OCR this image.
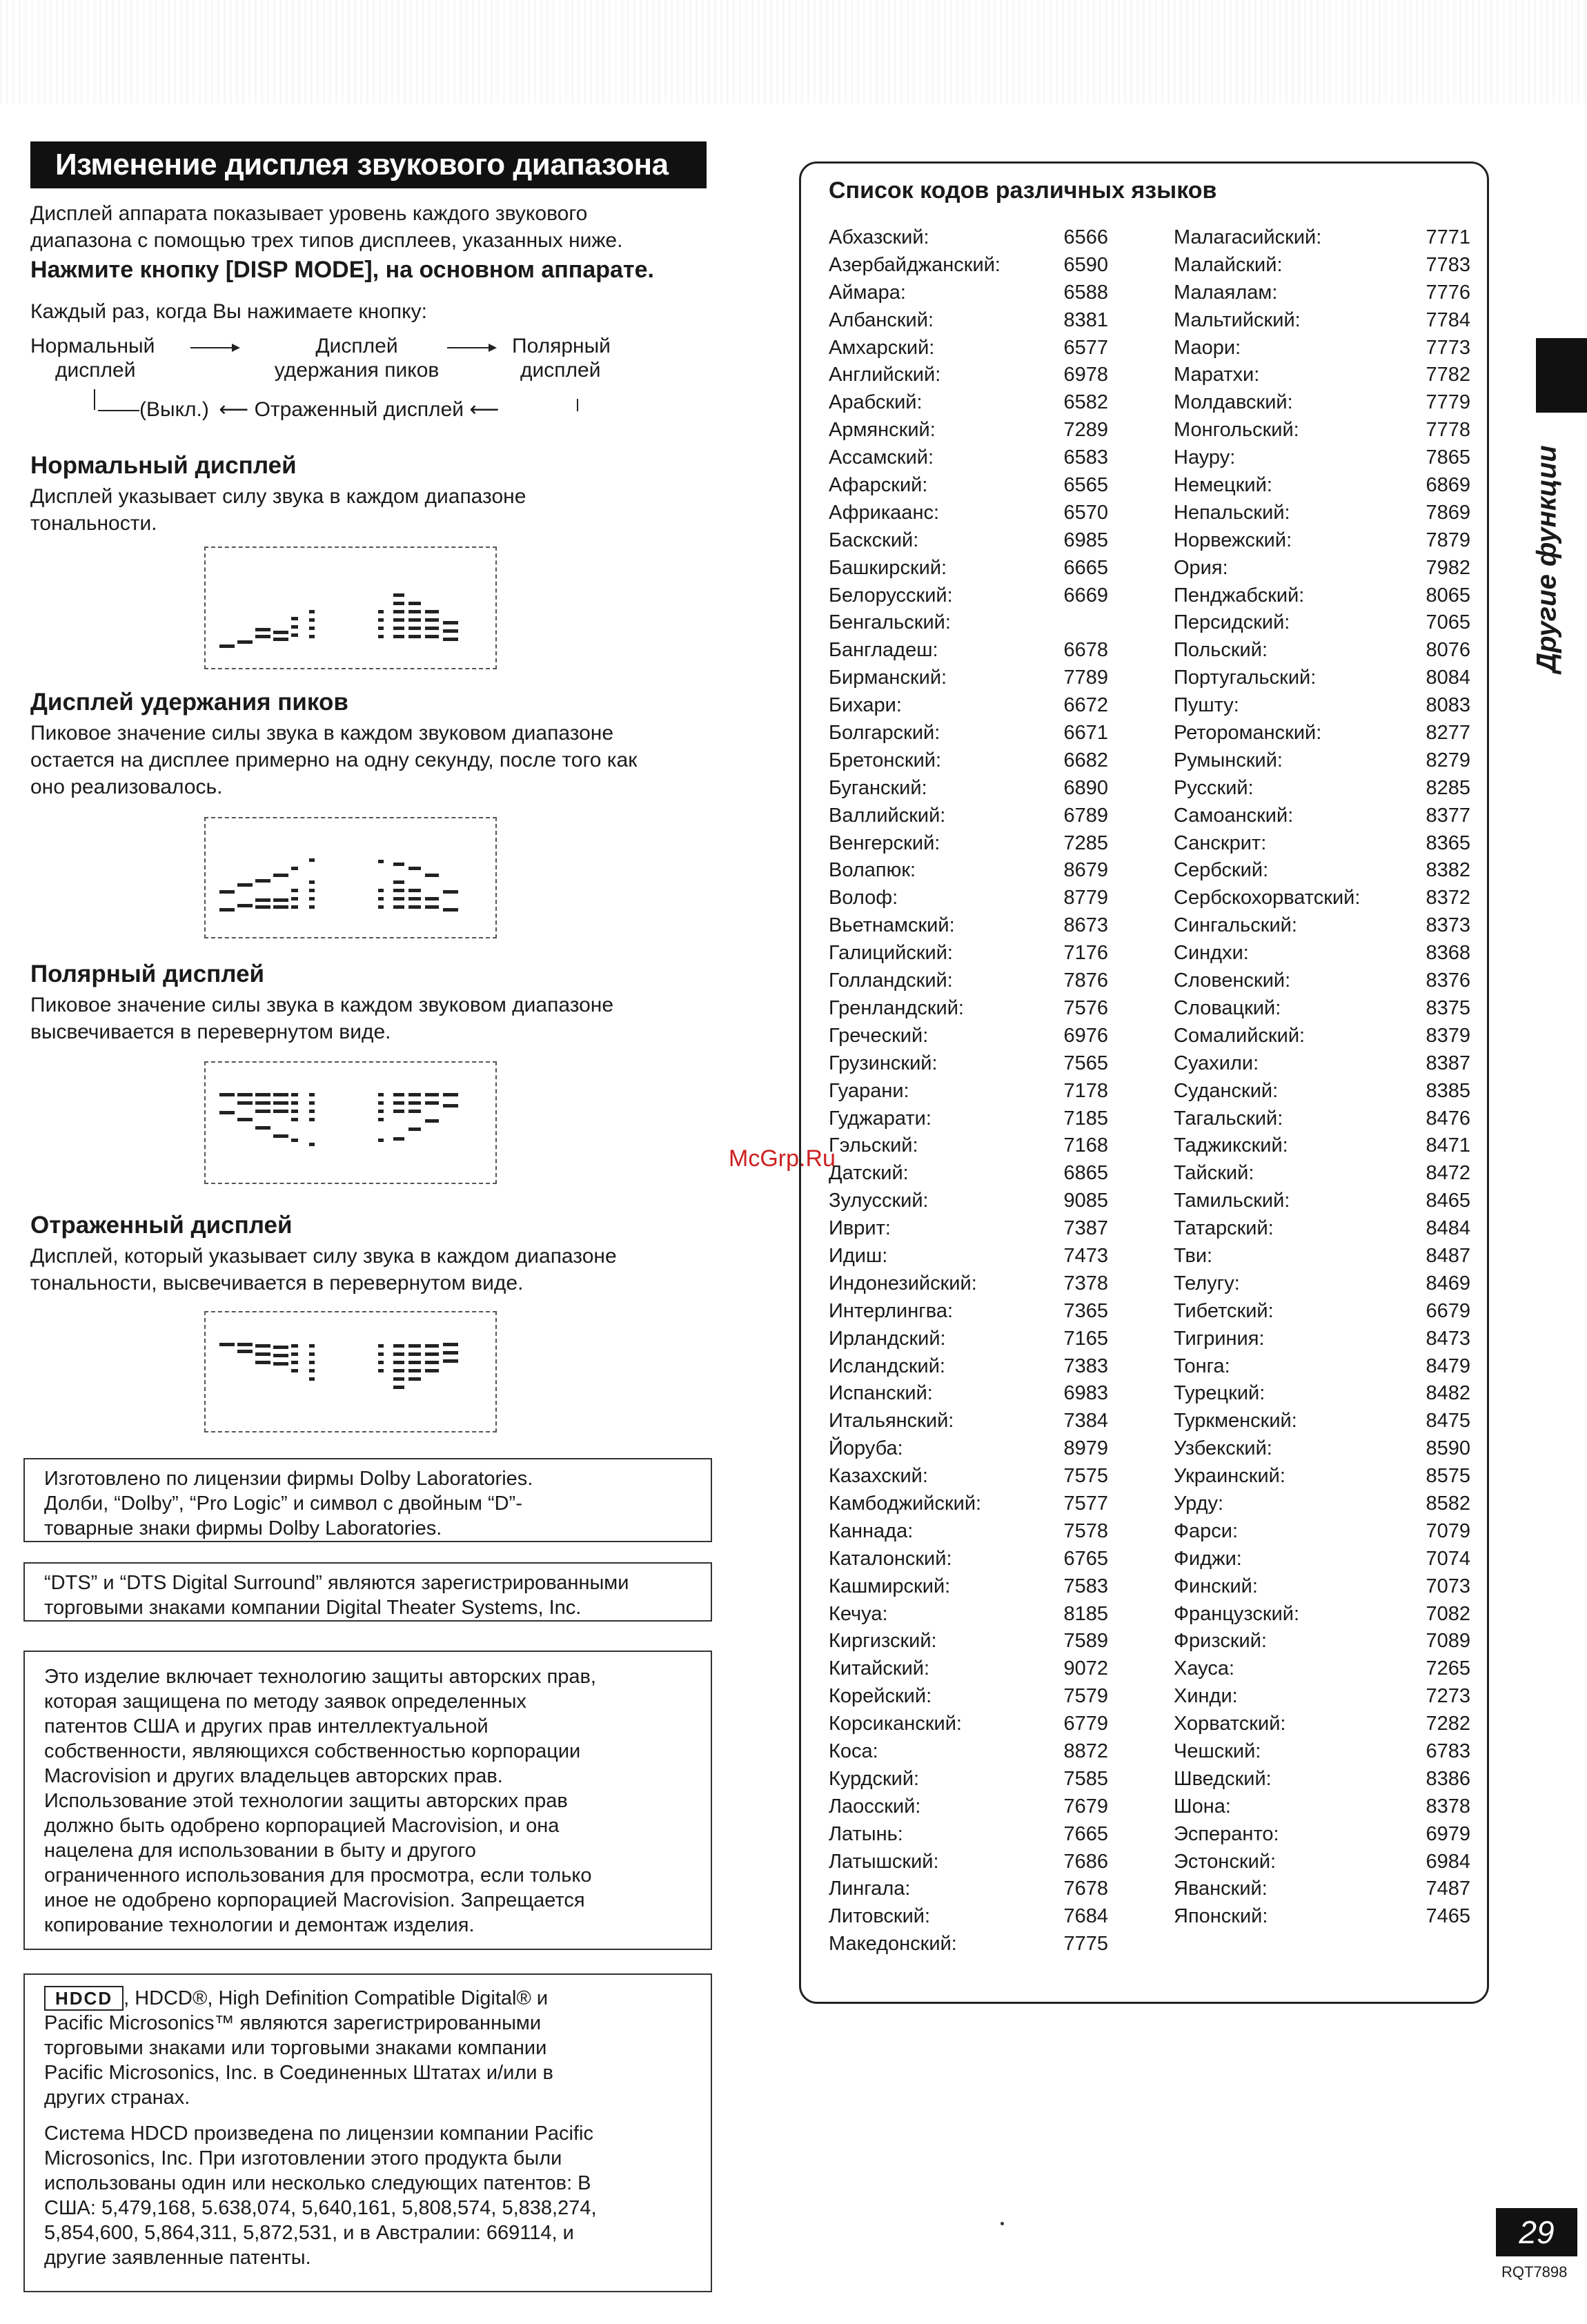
Изменение дисплея звукового диапазона
Дисплей аппарата показывает уровень каждого звукового
диапазона с помощью трех типов дисплеев, указанных ниже.
Нажмите кнопку [DISP MODE], на основном аппарате.
Каждый раз, когда Вы нажимаете кнопку:
Нормальный
дисплей
Дисплей
удержания пиков
Полярный
дисплей
(Выкл.) ⟵ Отраженный дисплей ⟵
Нормальный дисплей
Дисплей указывает силу звука в каждом диапазоне
тональности.
Дисплей удержания пиков
Пиковое значение силы звука в каждом звуковом диапазоне
остается на дисплее примерно на одну секунду, после того как
оно реализовалось.
Полярный дисплей
Пиковое значение силы звука в каждом звуковом диапазоне
высвечивается в перевернутом виде.
Отраженный дисплей
Дисплей, который указывает силу звука в каждом диапазоне
тональности, высвечивается в перевернутом виде.
Изготовлено по лицензии фирмы Dolby Laboratories.
Долби, “Dolby”, “Pro Logic” и символ с двойным “D”-
товарные знаки фирмы Dolby Laboratories.
“DTS” и “DTS Digital Surround” являются зарегистрированными
торговыми знаками компании Digital Theater Systems, Inc.
Это изделие включает технологию защиты авторских прав,
которая защищена по методу заявок определенных
патентов США и других прав интеллектуальной
собственности, являющихся собственностью корпорации
Macrovision и других владельцев авторских прав.
Использование этой технологии защиты авторских прав
должно быть одобрено корпорацией Macrovision, и она
нацелена для использовании в быту и другого
ограниченного использования для просмотра, если только
иное не одобрено корпорацией Macrovision. Запрещается
копирование технологии и демонтаж изделия.
HDCD , HDCD®, High Definition Compatible Digital® и
Pacific Microsonics™ являются зарегистрированными
торговыми знаками или торговыми знаками компании
Pacific Microsonics, Inc. в Соединенных Штатах и/или в
других странах.
Система HDCD произведена по лицензии компании Pacific
Microsonics, Inc. При изготовлении этого продукта были
использованы один или несколько следующих патентов: В
США: 5,479,168, 5.638,074, 5,640,161, 5,808,574, 5,838,274,
5,854,600, 5,864,311, 5,872,531, и в Австралии: 669114, и
другие заявленные патенты.
Список кодов различных языков
Абхазский:	6566
Азербайджанский:	6590
Аймара:	6588
Албанский:	8381
Амхарский:	6577
Английский:	6978
Арабский:	6582
Армянский:	7289
Ассамский:	6583
Афарский:	6565
Африкаанс:	6570
Баскский:	6985
Башкирский:	6665
Белорусский:	6669
Бенгальский:
Бангладеш:	6678
Бирманский:	7789
Бихари:	6672
Болгарский:	6671
Бретонский:	6682
Буганский:	6890
Валлийский:	6789
Венгерский:	7285
Волапюк:	8679
Волоф:	8779
Вьетнамский:	8673
Галицийский:	7176
Голландский:	7876
Гренландский:	7576
Греческий:	6976
Грузинский:	7565
Гуарани:	7178
Гуджарати:	7185
Гэльский:	7168
Датский:	6865
Зулусский:	9085
Иврит:	7387
Идиш:	7473
Индонезийский:	7378
Интерлингва:	7365
Ирландский:	7165
Исландский:	7383
Испанский:	6983
Итальянский:	7384
Йоруба:	8979
Казахский:	7575
Камбоджийский:	7577
Каннада:	7578
Каталонский:	6765
Кашмирский:	7583
Кечуа:	8185
Киргизский:	7589
Китайский:	9072
Корейский:	7579
Корсиканский:	6779
Коса:	8872
Курдский:	7585
Лаосский:	7679
Латынь:	7665
Латышский:	7686
Лингала:	7678
Литовский:	7684
Македонский:	7775
Малагасийский:	7771
Малайский:	7783
Малаялам:	7776
Мальтийский:	7784
Маори:	7773
Маратхи:	7782
Молдавский:	7779
Монгольский:	7778
Науру:	7865
Немецкий:	6869
Непальский:	7869
Норвежский:	7879
Ория:	7982
Пенджабский:	8065
Персидский:	7065
Польский:	8076
Португальский:	8084
Пушту:	8083
Ретороманский:	8277
Румынский:	8279
Русский:	8285
Самоанский:	8377
Санскрит:	8365
Сербский:	8382
Сербскохорватский:	8372
Сингальский:	8373
Синдхи:	8368
Словенский:	8376
Словацкий:	8375
Сомалийский:	8379
Суахили:	8387
Суданский:	8385
Тагальский:	8476
Таджикский:	8471
Тайский:	8472
Тамильский:	8465
Татарский:	8484
Тви:	8487
Телугу:	8469
Тибетский:	6679
Тигриния:	8473
Тонга:	8479
Турецкий:	8482
Туркменский:	8475
Узбекский:	8590
Украинский:	8575
Урду:	8582
Фарси:	7079
Фиджи:	7074
Финский:	7073
Французский:	7082
Фризский:	7089
Хауса:	7265
Хинди:	7273
Хорватский:	7282
Чешский:	6783
Шведский:	8386
Шона:	8378
Эсперанто:	6979
Эстонский:	6984
Яванский:	7487
Японский:	7465
McGrp.Ru
Другие функции
29
RQT7898
